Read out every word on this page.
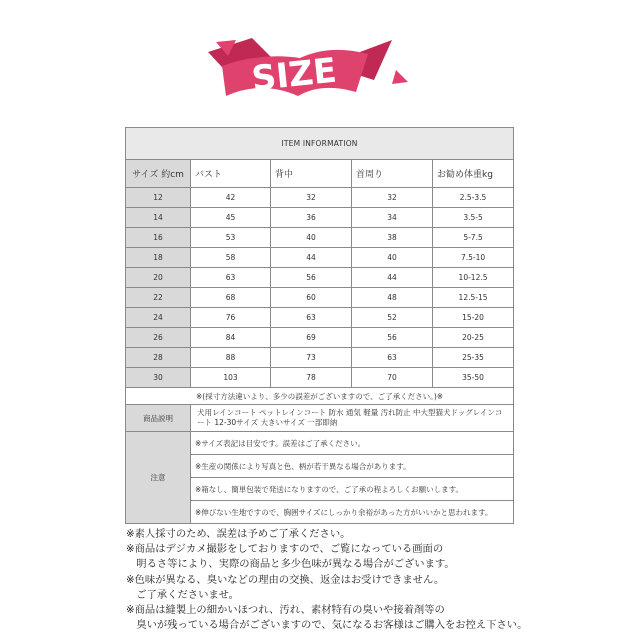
SIZE
ITEM INFORMATION				
サイズ 約cm	バスト	背中	首周り	お勧め体重kg
12	42	32	32	2.5-3.5
14	45	36	34	3.5-5
16	53	40	38	5-7.5
18	58	44	40	7.5-10
20	63	56	44	10-12.5
22	68	60	48	12.5-15
24	76	63	52	15-20
26	84	69	56	20-25
28	88	73	63	25-35
30	103	78	70	35-50
※(採寸方法違いより、多少の誤差がございますので、ご了承ください。)※				
商品説明	犬用レインコート ペットレインコート 防水 通気 軽量 汚れ防止 中大型猫犬ドッグレインコート 12-30サイズ 大きいサイズ 一部即納			
注意	※サイズ表記は目安です。誤差はご了承ください。			
	※生産の関係により写真と色、柄が若干異なる場合があります。			
	※箱なし、簡単包装で発送になりますので、ご了承の程よろしくお願いします。			
	※伸びない生地ですので、胸囲サイズにしっかり余裕があった方がいいかと思われます。			
※素人採寸のため、誤差は予めご了承ください。
※商品はデジカメ撮影をしておりますので、ご覧になっている画面の
　明るさ等により、実際の商品と多少色味が異なる場合がございます。
※色味が異なる、臭いなどの理由の交換、返金はお受けできません。
　ご了承くださいませ。
※商品は縫製上の細かいほつれ、汚れ、素材特有の臭いや接着剤等の
　臭いが残っている場合がございますので、気になるお客様はご購入をお控え下さい。
